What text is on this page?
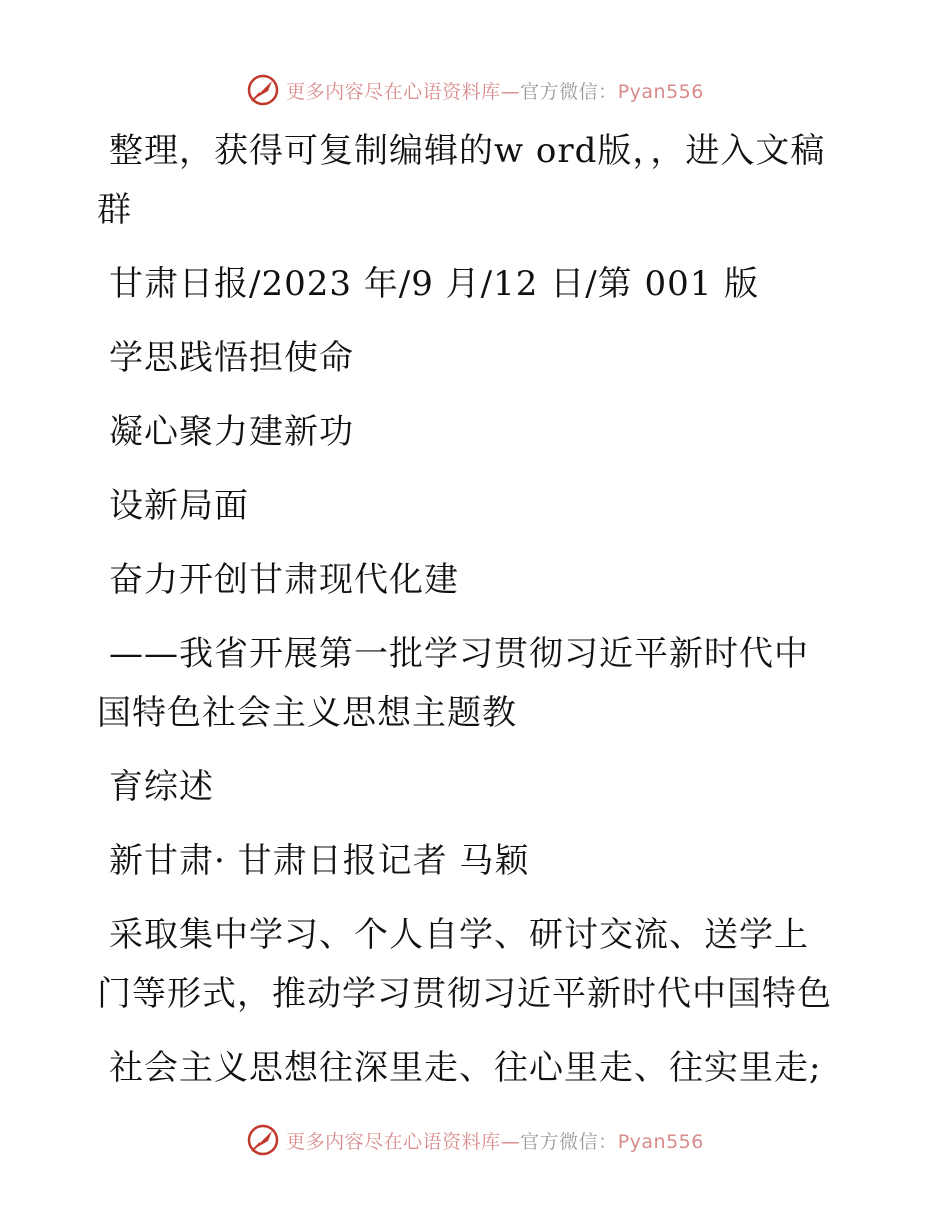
更多内容尽在心语资料库—官方微信：Pyan556

整理，获得可复制编辑的w ord版，，进入文稿群

甘肃日报/2023 年/9 月/12 日/第 001 版

学思践悟担使命

凝心聚力建新功

设新局面

奋力开创甘肃现代化建

——我省开展第一批学习贯彻习近平新时代中国特色社会主义思想主题教

育综述

新甘肃· 甘肃日报记者 马颖

采取集中学习、个人自学、研讨交流、送学上门等形式，推动学习贯彻习近平新时代中国特色

社会主义思想往深里走、往心里走、往实里走;

更多内容尽在心语资料库—官方微信：Pyan556
